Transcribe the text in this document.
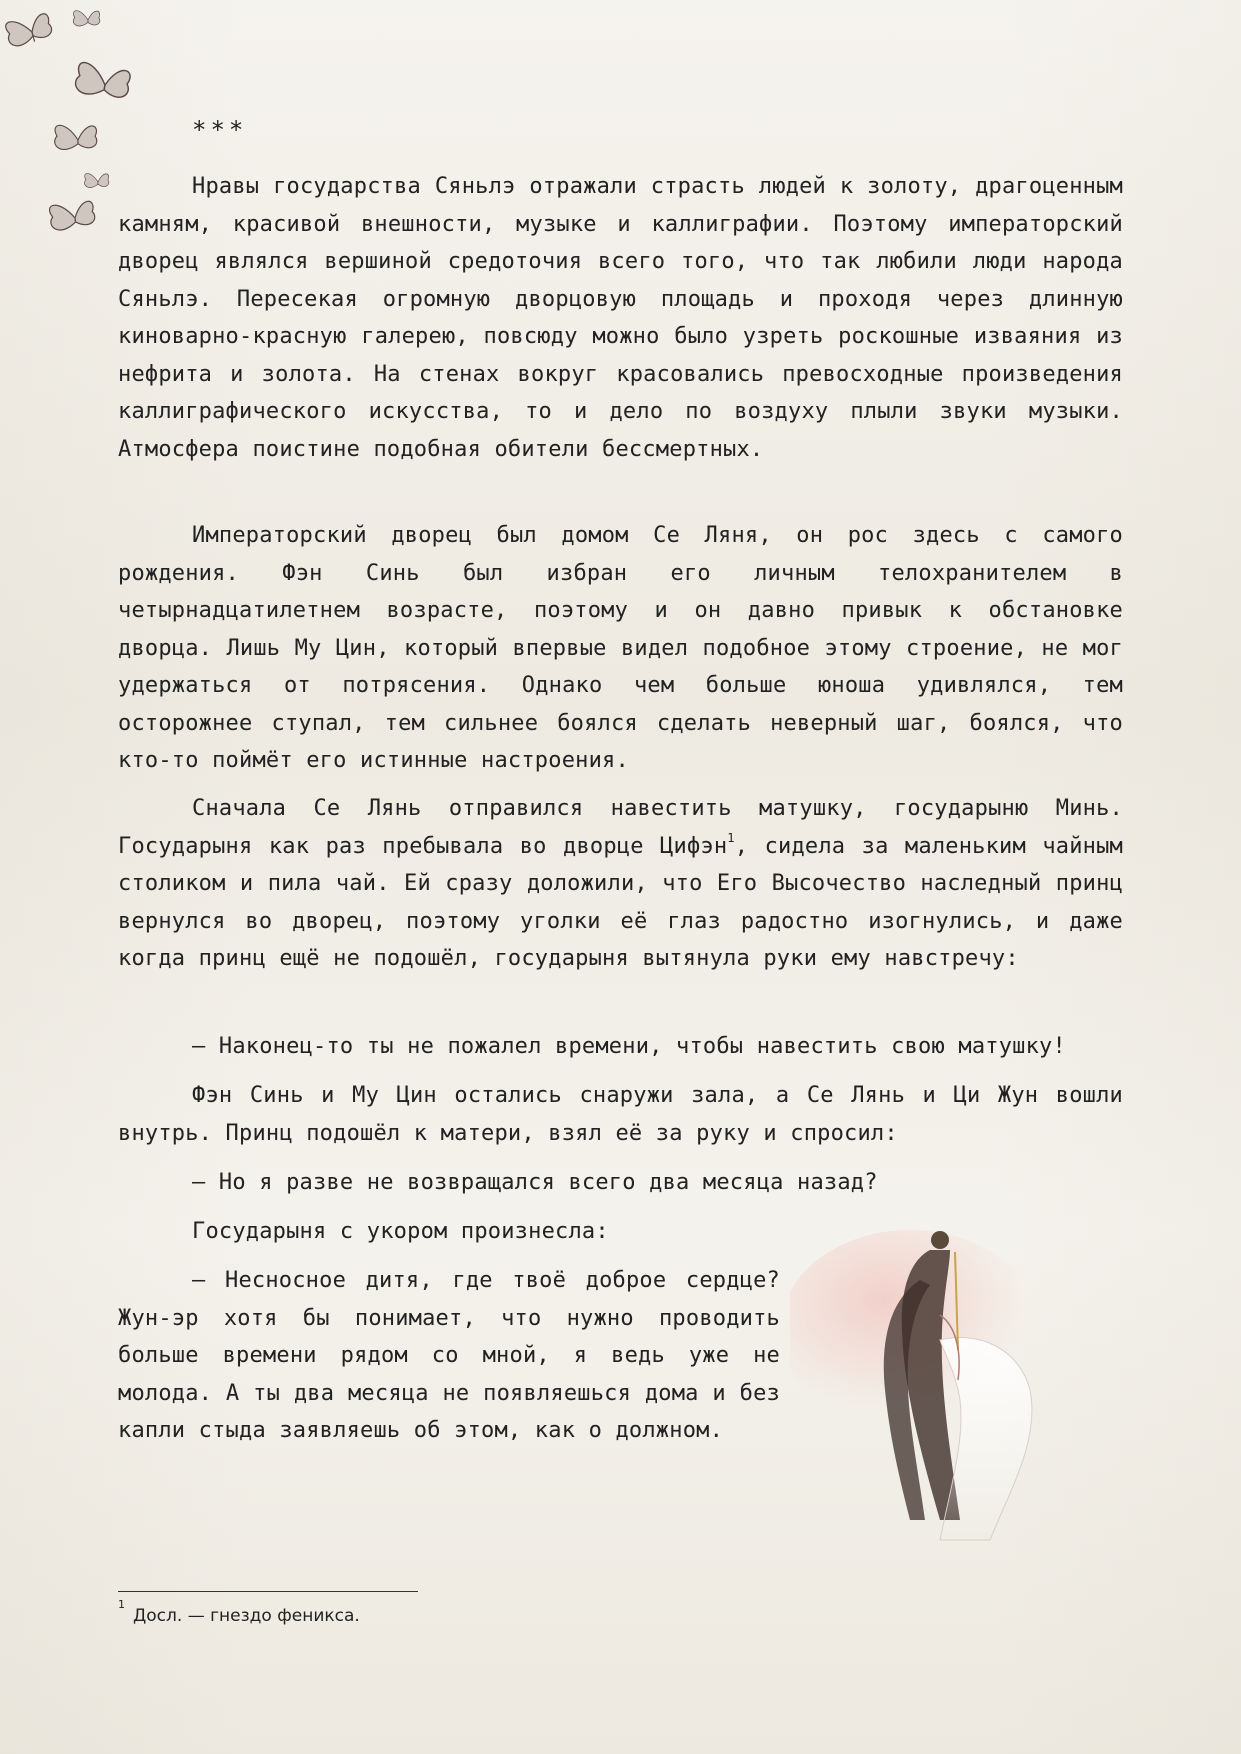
***

Нравы государства Сяньлэ отражали страсть людей к золоту, драгоценным камням, красивой внешности, музыке и каллиграфии. Поэтому императорский дворец являлся вершиной средоточия всего того, что так любили люди народа Сяньлэ. Пересекая огромную дворцовую площадь и проходя через длинную киноварно-красную галерею, повсюду можно было узреть роскошные изваяния из нефрита и золота. На стенах вокруг красовались превосходные произведения каллиграфического искусства, то и дело по воздуху плыли звуки музыки. Атмосфера поистине подобная обители бессмертных.

Императорский дворец был домом Се Ляня, он рос здесь с самого рождения. Фэн Синь был избран его личным телохранителем в четырнадцатилетнем возрасте, поэтому и он давно привык к обстановке дворца. Лишь Му Цин, который впервые видел подобное этому строение, не мог удержаться от потрясения. Однако чем больше юноша удивлялся, тем осторожнее ступал, тем сильнее боялся сделать неверный шаг, боялся, что кто-то поймёт его истинные настроения.

Сначала Се Лянь отправился навестить матушку, государыню Минь. Государыня как раз пребывала во дворце Цифэн$^1$, сидела за маленьким чайным столиком и пила чай. Ей сразу доложили, что Его Высочество наследный принц вернулся во дворец, поэтому уголки её глаз радостно изогнулись, и даже когда принц ещё не подошёл, государыня вытянула руки ему навстречу:

— Наконец-то ты не пожалел времени, чтобы навестить свою матушку!

Фэн Синь и Му Цин остались снаружи зала, а Се Лянь и Ци Жун вошли внутрь. Принц подошёл к матери, взял её за руку и спросил:

— Но я разве не возвращался всего два месяца назад?

Государыня с укором произнесла:

— Несносное дитя, где твоё доброе сердце? Жун-эр хотя бы понимает, что нужно проводить больше времени рядом со мной, я ведь уже не молода. А ты два месяца не появляешься дома и без капли стыда заявляешь об этом, как о должном.

$^1$Досл. — гнездо феникса.
